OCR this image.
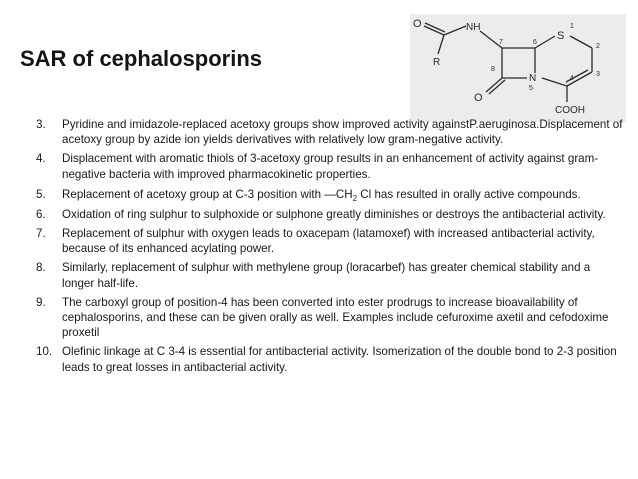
SAR of cephalosporins
O	NH
S
R
O
N
COOH
1
2
3
4
5
6
7
8
3. Pyridine and imidazole-replaced acetoxy groups show improved activity againstP.aeruginosa.Displacement of acetoxy group by azide ion yields derivatives with relatively low gram-negative activity.
4. Displacement with aromatic thiols of 3-acetoxy group results in an enhancement of activity against gram-negative bacteria with improved pharmacokinetic properties.
5. Replacement of acetoxy group at C-3 position with $—CH_2$ Cl has resulted in orally active compounds.
6. Oxidation of ring sulphur to sulphoxide or sulphone greatly diminishes or destroys the antibacterial activity.
7. Replacement of sulphur with oxygen leads to oxacepam (latamoxef) with increased antibacterial activity, because of its enhanced acylating power.
8. Similarly, replacement of sulphur with methylene group (loracarbef) has greater chemical stability and a longer half-life.
9. The carboxyl group of position-4 has been converted into ester prodrugs to increase bioavailability of cephalosporins, and these can be given orally as well. Examples include cefuroxime axetil and cefodoxime proxetil
10. Olefinic linkage at C 3-4 is essential for antibacterial activity. Isomerization of the double bond to 2-3 position leads to great losses in antibacterial activity.
